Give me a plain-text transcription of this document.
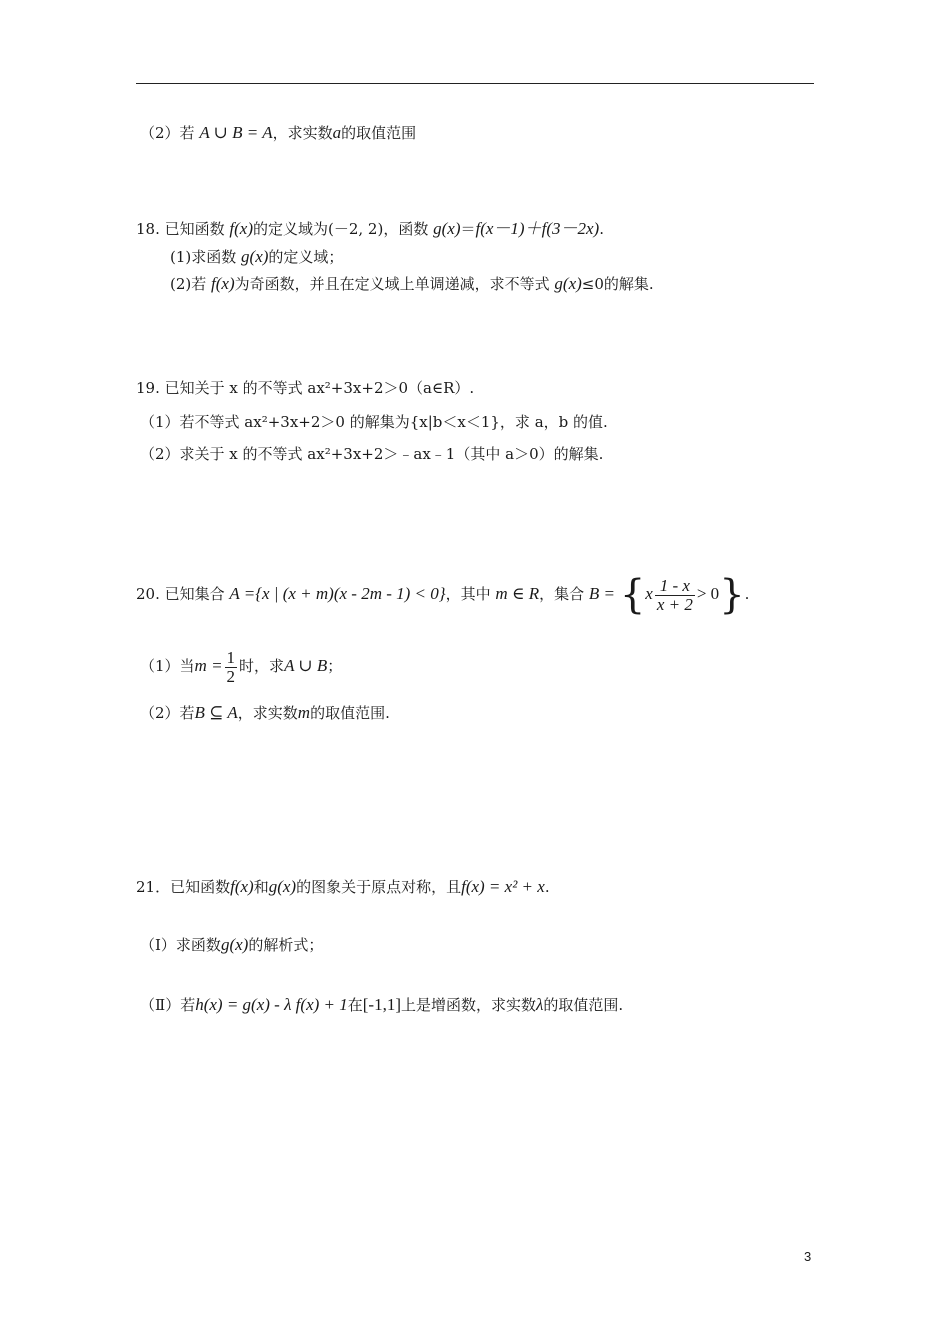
（2）若 A ∪ B = A，求实数a的取值范围
18. 已知函数 f(x)的定义域为(－2, 2)，函数 g(x)＝f(x－1)＋f(3－2x).
(1)求函数 g(x)的定义域；
(2)若 f(x)为奇函数，并且在定义域上单调递减，求不等式 g(x)≤0的解集.
19. 已知关于 x 的不等式 ax²+3x+2＞0（a∈R）.
（1）若不等式 ax²+3x+2＞0 的解集为{x|b＜x＜1}，求 a，b 的值.
（2）求关于 x 的不等式 ax²+3x+2＞﹣ax﹣1（其中 a＞0）的解集.
20. 已知集合 A ={x | (x + m)(x - 2m - 1) < 0}，其中 m ∈ R，集合 $B = \{x \frac{1 - x}{x + 2} > 0\}$.
（1）当$m = \frac{1}{2}$ 时，求A ∪ B；
（2）若B ⊆ A，求实数m的取值范围.
21．已知函数f(x)和g(x)的图象关于原点对称，且f(x) = x² + x.
（Ⅰ）求函数g(x)的解析式；
（Ⅱ）若h(x) = g(x) - λ f(x) + 1在[-1,1]上是增函数，求实数λ的取值范围.
3
